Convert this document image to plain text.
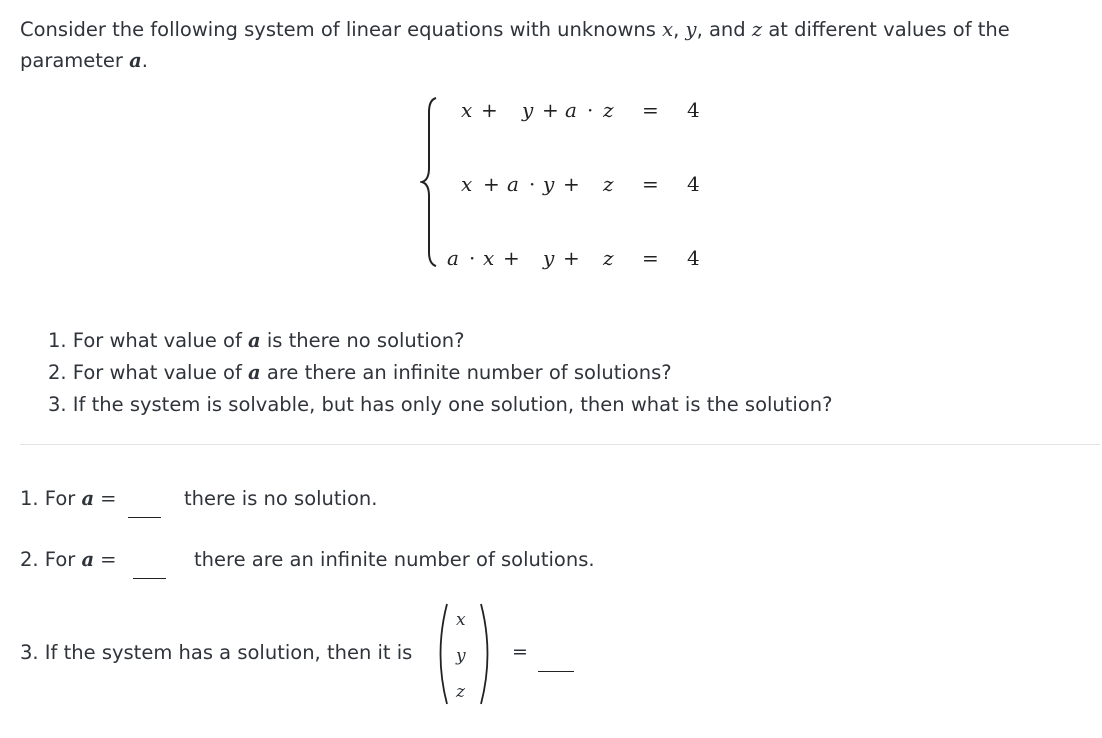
Consider the following system of linear equations with unknowns x, y, and z at different values of the parameter a.
x + y + a · z = 4
x + a · y + z = 4
a · x + y + z = 4
1. For what value of a is there no solution?
2. For what value of a are there an infinite number of solutions?
3. If the system is solvable, but has only one solution, then what is the solution?
1. For a =	there is no solution.
2. For a =	there are an infinite number of solutions.
3. If the system has a solution, then it is
x
y
z
=
